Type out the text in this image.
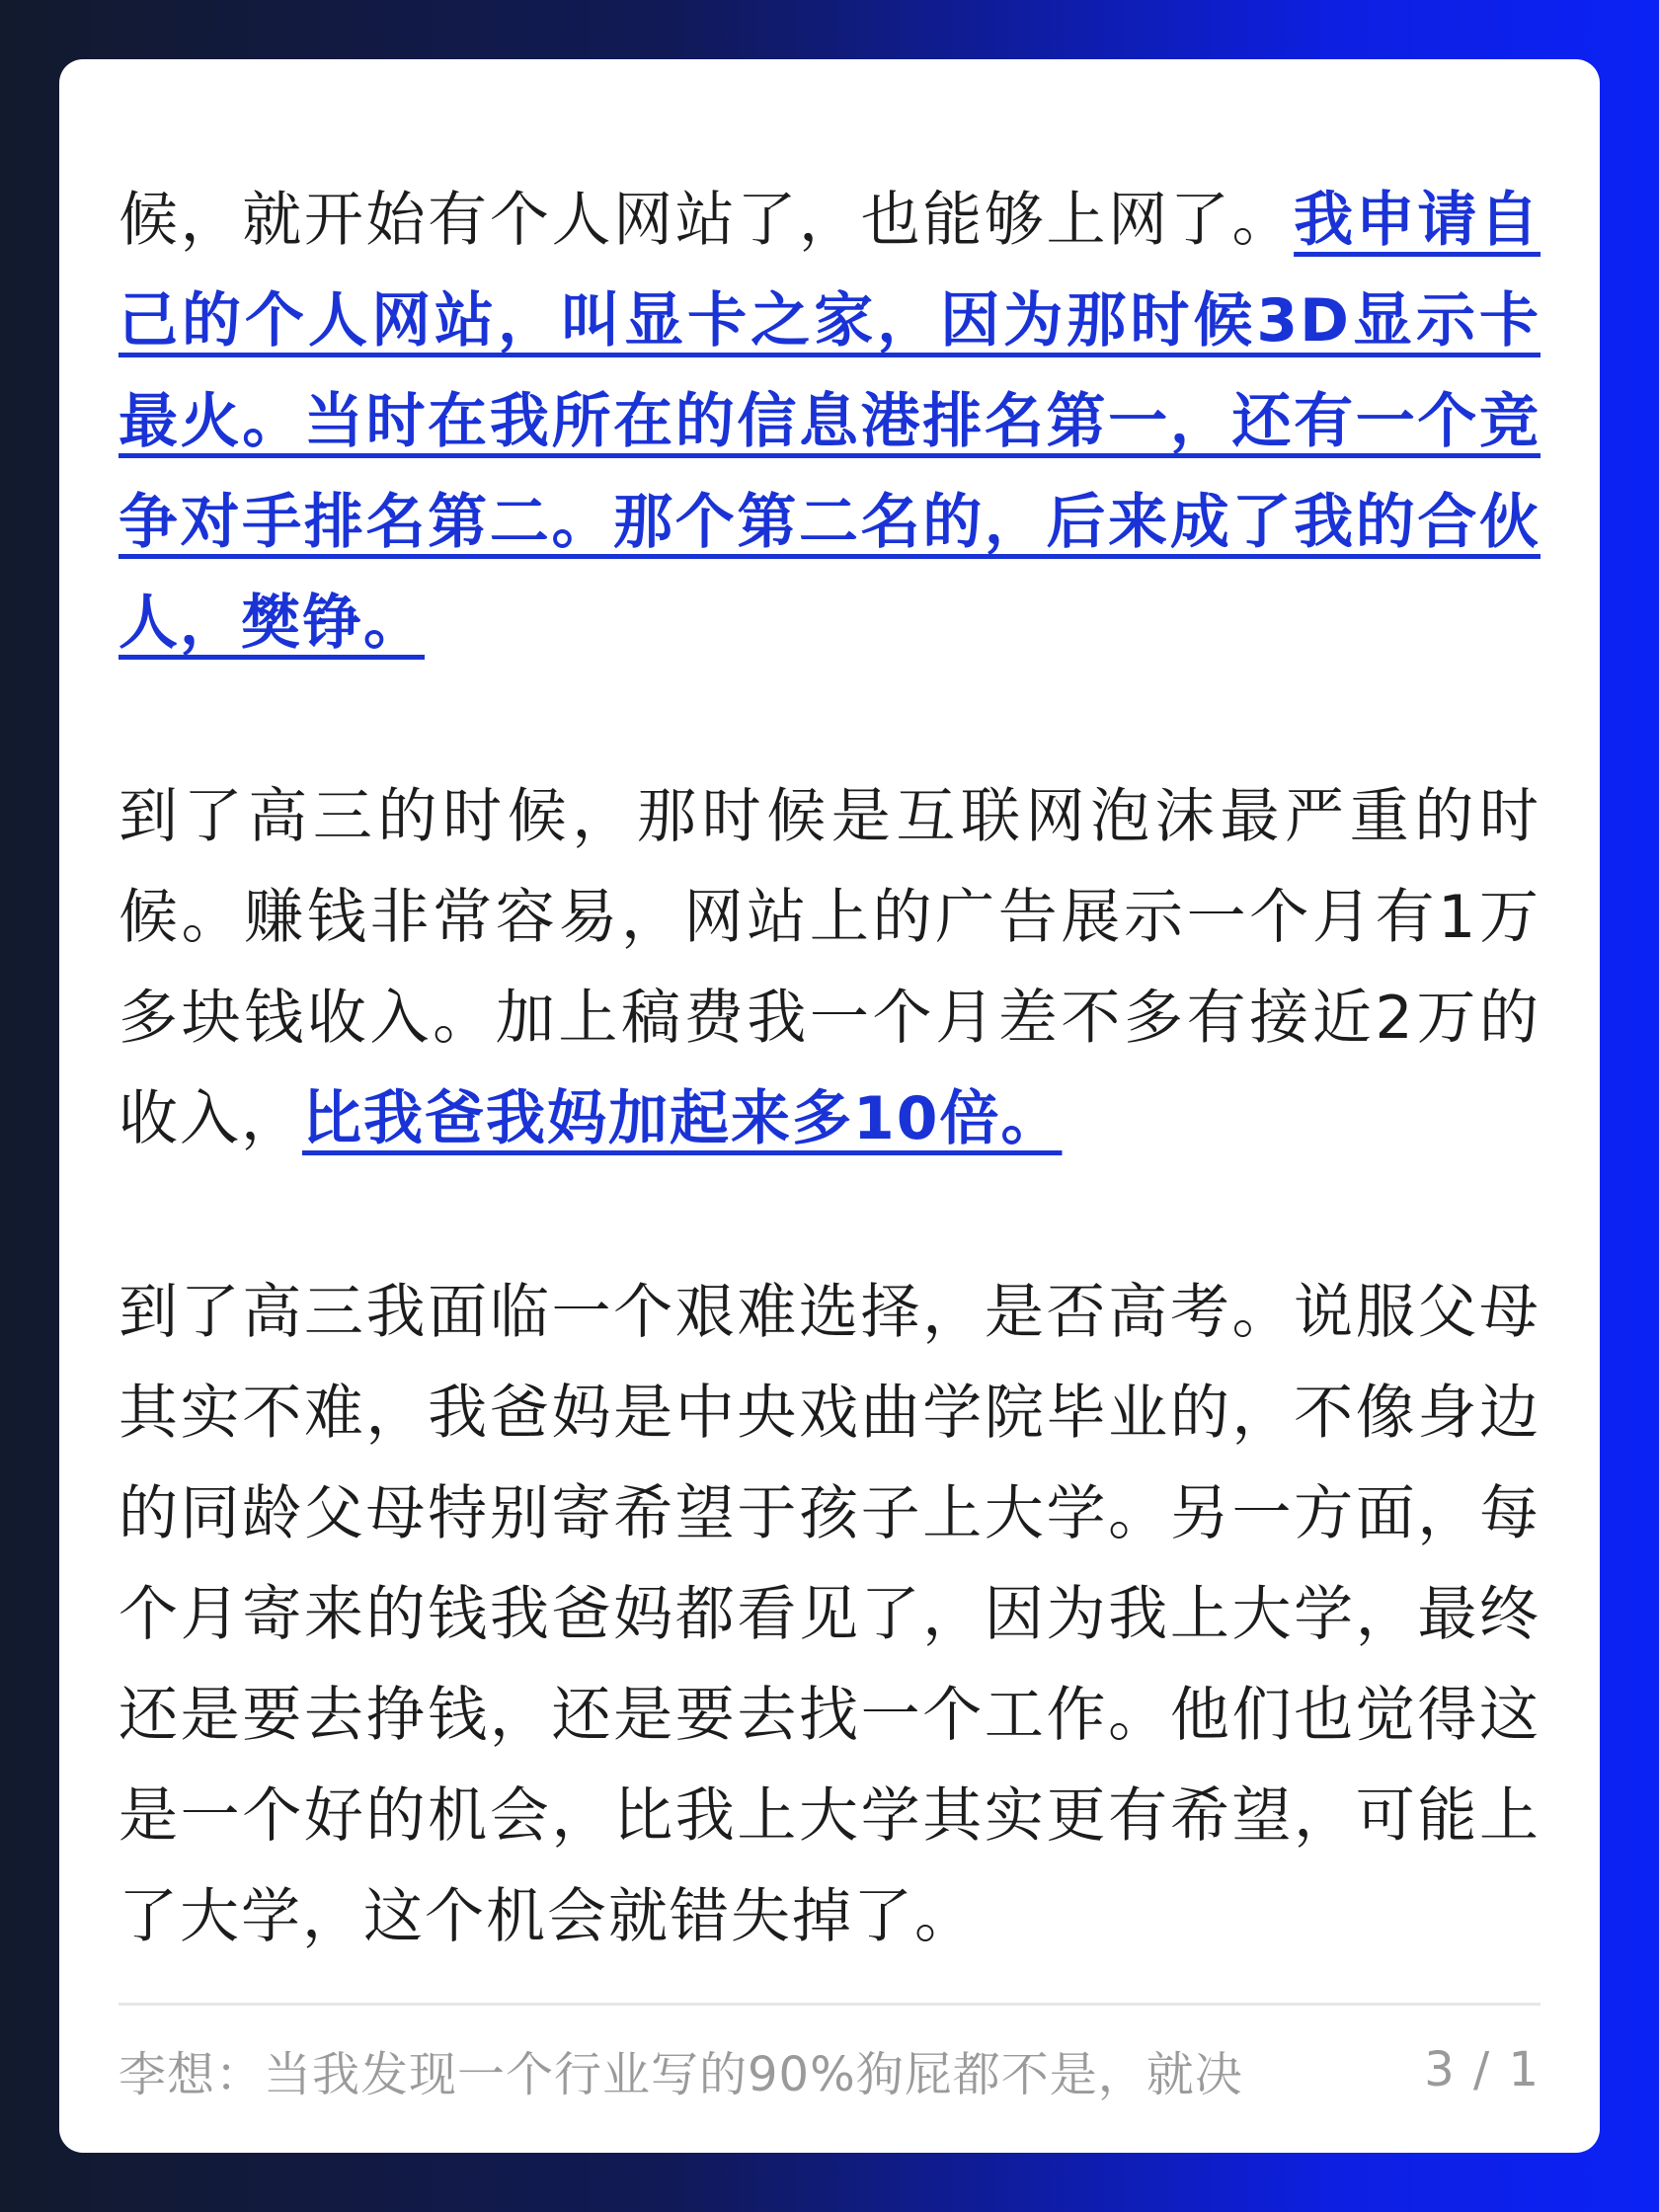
候，就开始有个人网站了，也能够上网了。我申请自己的个人网站，叫显卡之家，因为那时候3D显示卡最火。当时在我所在的信息港排名第一，还有一个竞争对手排名第二。那个第二名的，后来成了我的合伙人，樊铮。

到了高三的时候，那时候是互联网泡沫最严重的时候。赚钱非常容易，网站上的广告展示一个月有1万多块钱收入。加上稿费我一个月差不多有接近2万的收入，比我爸我妈加起来多10倍。

到了高三我面临一个艰难选择，是否高考。说服父母其实不难，我爸妈是中央戏曲学院毕业的，不像身边的同龄父母特别寄希望于孩子上大学。另一方面，每个月寄来的钱我爸妈都看见了，因为我上大学，最终还是要去挣钱，还是要去找一个工作。他们也觉得这是一个好的机会，比我上大学其实更有希望，可能上了大学，这个机会就错失掉了。

李想：当我发现一个行业写的90%狗屁都不是，就决	3 / 1
